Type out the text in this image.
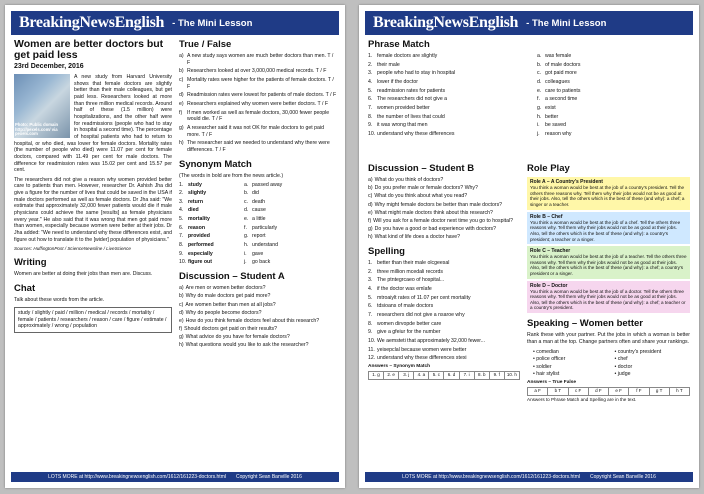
BreakingNewsEnglish - The Mini Lesson
Women are better doctors but get paid less
23rd December, 2016
Photo: Public domain http://pexels.com/ via pexels.com

A new study from Harvard University shows that female doctors are slightly better than their male colleagues, but get paid less. Researchers looked at more than three million medical records. Around half of these (1.5 million) were hospitalizations, and the other half were for readmissions (people who had to stay in hospital a second time). The percentage of hospital patients who had to return to hospital, or who died, was lower for female doctors. Mortality rates (the number of people who died) were 11.07 per cent for female doctors, compared with 11.49 per cent for male doctors. The difference for readmission rates was 15.02 per cent and 15.57 per cent.

The researchers did not give a reason why women provided better care to patients than men. However, researcher Dr. Ashish Jha did give a figure for the number of lives that could be saved in the USA if male doctors performed as well as female doctors. Dr Jha said: "We estimate that approximately 32,000 fewer patients would die if male physicians could achieve the same [results] as female physicians every year." He also said that it was wrong that men got paid more than women, especially because women were better at their jobs. Dr Jha added: "We need to understand why these differences exist, and figure out how to translate it to the [wider] population of physicians."

Sources: HuffingtonPost / ScienceNewsline / LiveScience

Writing

Women are better at doing their jobs than men are. Discuss.

Chat

Talk about these words from the article.

study / slightly / paid / million / medical / records / mortality / female / patients / researchers / reason / care / figure / estimate / approximately / wrong / population
True / False
a) A new study says women are much better doctors than men. T / F
b) Researchers looked at over 3,000,000 medical records. T / F
c) Mortality rates were higher for the patients of female doctors. T / F
d) Readmission rates were lowest for patients of male doctors. T / F
e) Researchers explained why women were better doctors. T / F
f) If men worked as well as female doctors, 30,000 fewer people would die. T / F
g) A researcher said it was not OK for male doctors to get paid more. T / F
h) The researcher said we needed to understand why there were differences. T / F
Synonym Match
(The words in bold are from the news article.)
1. study	a. passed away
2. slightly	b. did
3. return	c. death
4. died	d. cause
5. mortality	e. a little
6. reason	f. particularly
7. provided	g. report
8. performed	h. understand
9. especially	i.	gave
10. figure out	j.	go back
Discussion – Student A
a) Are men or women better doctors?
b) Why do male doctors get paid more?
c) Are women better than men at all jobs?
d) Why do people become doctors?
e) How do you think female doctors feel about this research?
f) Should doctors get paid on their results?
g) What advice do you have for female doctors?
h) What questions would you like to ask the researcher?
LOTS MORE at http://www.breakingnewsenglish.com/1612/161223-doctors.html Copyright Sean Banville 2016
BreakingNewsEnglish - The Mini Lesson
Phrase Match
1. female doctors are slightly	a. was female
2. their male	b. of male doctors
3. people who had to stay in hospital	c. got paid more
4. lower if the doctor	d. colleagues
5. readmission rates for patients	e. care to patients
6. The researchers did not give a	f. a second time
7. women provided better	g. exist
8. the number of lives that could	h. better
9. it was wrong that men	i.	be saved
10. understand why these differences	j.	reason why
Discussion – Student B
a) What do you think of doctors?
b) Do you prefer male or female doctors? Why?
c) What do you think about what you read?
d) Why might female doctors be better than male doctors?
e) What might male doctors think about this research?
f) Will you ask for a female doctor next time you go to hospital?
g) Do you have a good or bad experience with doctors?
h) What kind of life does a doctor have?
Spelling
1. better than their male olcgeesal
2. three million mcedali records
3. The ptntegrcaeo of hospital...
4. if the doctor was emlafe
5. mtroaiylt rates of 11.07 per cent mortality
6. tdsioans of male doctors
7. researchers did not give a nsaroe why
8. women dirvopde better care
9. give a gfeiur for the number
10. We aemsteti that approximately 32,000 fewer...
11. yeisepclal because women were better
12. understand why these differences stexi
Answers – Synonym Match
1. g	2. e	3. j	4. a	5. c	6. d	7. i	8. b	9. f	10. h
Role Play
Role A – A Country's President
You think a woman would be best at the job of a country's president. Tell the others three reasons why. Tell them why their jobs would not be as good at their jobs. Also, tell the others which is the best of these (and why): a chef; a singer or a teacher.
Role B – Chef
You think a woman would be best at the job of a chef. Tell the others three reasons why. Tell them why their jobs would not be as good at their jobs. Also, tell the others which is the best of these (and why): a country's president; a teacher or a singer.
Role C – Teacher
You think a woman would be best at the job of a teacher. Tell the others three reasons why. Tell them why their jobs would not be as good at their jobs. Also, tell the others which is the best of these (and why): a chef; a country's president or a singer.
Role D – Doctor
You think a woman would be best at the job of a doctor. Tell the others three reasons why. Tell them why their jobs would not be as good at their jobs. Also, tell the others which is the best of these (and why): a chef; a teacher or a country's president.
Speaking – Women better

Rank these with your partner. Put the jobs in which a woman is better than a man at the top. Change partners often and share your rankings.

• comedian	• country's president
• police officer	• chef
• soldier	• doctor
• hair stylist	• judge
Answers – True False
a F	b T	c F	d F	e F	f F	g T	h T
Answers to Phrase Match and Spelling are in the text.
LOTS MORE at http://www.breakingnewsenglish.com/1612/161223-doctors.html Copyright Sean Banville 2016
